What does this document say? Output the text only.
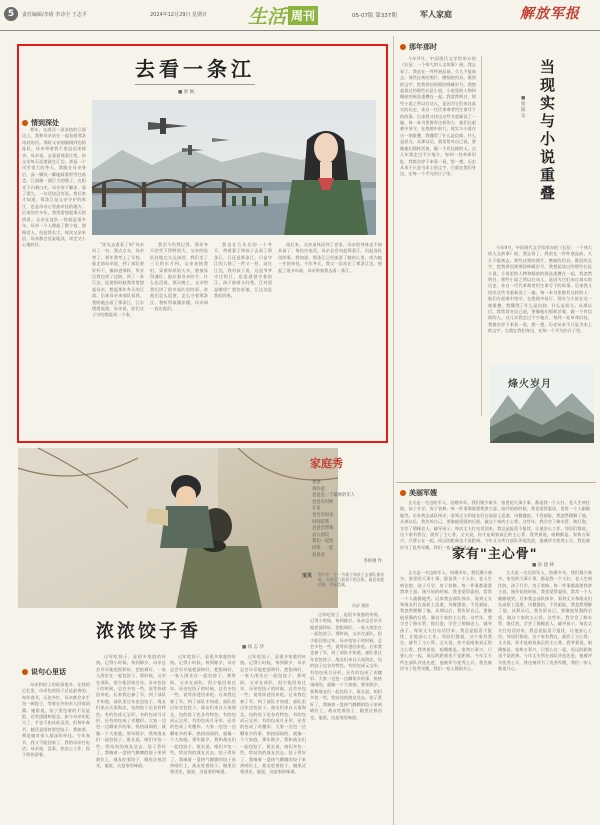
5	责任编辑/李倩 李诗宇 王志平	2024年12月29日 星期日 生活 周刊	05-07版 第337期	军人家庭	解放军报
情到深处
去看一条江
■ 梁 枫

那年，在漠河一条冻结的江面边上，我和母亲站在一起看着那条冰封的河。那时父亲刚刚调到边防连队，母亲带着我千里迢迢来探亲。母亲说，去看看那条江吧，你父亲每天巡逻就在江边。那是一个风雪很大的冬天，我跟在母亲身后，深一脚浅一脚地踩着积雪往前走。江面像一面巨大的镜子，在阳光下闪着白光。母亲停下脚步，看了很久，一句话也没有说。我后来才知道，那条江是父亲守护的界江，也是母亲心里最牵挂的地方。后来的许多年，我常常想起那天的情景。父亲在连队一待就是很多年，母亲一个人撑起了整个家，照顾老人，拉扯我长大。每次父亲来信，母亲都会反复地读，读完又小心地收好。	"你先去看看了吗"母亲问了一句，我点点头，母亲笑了。那年我考上了军校，临走前母亲说，到了部队要好好干，像你爸那样。毕业后我也到了边防，到了一条江边，巡逻的时候我常常想起母亲，想起那年冬天的江面。后来母亲来部队看我，我陪她去看了那条江，江水缓缓流淌，母亲说，你们父子守的都是同一个家。

我至今仍然记得，那年冬天的雪下得特别大，父亲的连队驻地在大山深处，我们坐了三天的车才到。父亲来接我们，穿着厚厚的大衣，脸被冻得通红。他拉着母亲的手，什么也没说。那天晚上，父亲给我们讲了很多连队里的事，讲他们怎么巡逻，怎么守着那条江。我听得似懂非懂，母亲却一直在流泪。

我也在几年后的一个冬天，带着妻子和孩子去看了那条江。江还是那条江，只是守江的人换了一茬又一茬。站在江边，我对孩子说，这是爷爷守过的江，也是爸爸守着的江。孩子仰着头问我，江对面是哪里？我告诉他，江这边是我们的家。

再后来，父亲退休回到了老家，母亲的身体也不如从前了。每次打电话，母亲总会问起那条江，问起连队里的事。我知道，那条江已经流进了她的心里，成为她一生的牵挂。今年冬天，我又一次站在了那条江边，想起了很多年前，母亲带着我去看一条江。

那年那时

今年9月，中国现代文学馆举办的《长征：一个伟大的人文故事》展，我去看了。我站在一件件展品前，久久不能离去。那些泛黄的照片、磨损的用具、斑驳的文字，把我带回到那段峥嵘岁月。我想起读过的那些长征小说，小说里的人物和眼前的展品重叠在一起。我忽然明白，那些小说之所以打动人，是因为它们来自真实的历史，来自一代代革命者用生命写下的故事。后来我又找出这些书重新读了一遍，每一本书里都有这样的人：他们在艰难中坚守，在绝境中前行。现实与小说在这一刻重叠，我懂得了什么是信仰，什么是担当。从那以后，我常常对自己说，要像他们那样活着，做一个有信仰的人。这几年我走过不少地方，每到一处革命旧址，我都会停下来看一看，想一想。历史从来不只是书本上的文字，它就在我们身边，在每一个平凡的日子里。

当现实与小说重叠
■ 张 阳 乐

今年9月，中国现代文学馆举办的《长征：一个伟大的人文故事》展，我去看了。我站在一件件展品前，久久不能离去。那些泛黄的照片、磨损的用具、斑驳的文字，把我带回到那段峥嵘岁月。我想起读过的那些长征小说，小说里的人物和眼前的展品重叠在一起。我忽然明白，那些小说之所以打动人，是因为它们来自真实的历史，来自一代代革命者用生命写下的故事。后来我又找出这些书重新读了一遍，每一本书里都有这样的人：他们在艰难中坚守，在绝境中前行。现实与小说在这一刻重叠，我懂得了什么是信仰，什么是担当。从那以后，我常常对自己说，要像他们那样活着，做一个有信仰的人。这几年我走过不少地方，每到一处革命旧址，我都会停下来看一看，想一想。历史从来不只是书本上的文字，它就在我们身边，在每一个平凡的日子里。

烽火岁月
家庭秀
爸爸
我的爸
爸爸是一个最帅的军人
爸爸有时候
在家
也会有很多
时间陪我
爸爸会带我
去公园玩
我们一起放
风筝、一起
看星星
李梓涵 作
宝贝 照片中，左一为妻子和孩子去部队探亲时，在营区门前拍下的合影，寓意家庭团聚、幸福美满。
周舒 摄影
浓浓饺子香
■ 徐 志 华

过年吃饺子，是很多家庭的传统。记得小时候，每到除夕，母亲总会早早地把面和好，把馅调好，一家人围坐在一起包饺子。那时候，父亲在部队，很少能回家过年。母亲包饺子的时候，总会多包一些，说等你爸回来吃。后来我也参了军，到了部队才知道，部队里过年也包饺子。战友们来自天南海北，包的饺子也各有特色。有的包成元宝形，有的包成月牙形，还有的包成了麦穗形。大家一边包一边聊家乡的事，热热闹闹的，就像一个大家庭。那年除夕，我和战友们一起包饺子，班长说，咱们多包一些，给站岗的战友送去。饺子煮好了，我端着一盘热气腾腾的饺子来到哨位上，战友吃着饺子，眼里泛着泪光，他说，这是家的味道。

过年吃饺子，是很多家庭的传统。记得小时候，每到除夕，母亲总会早早地把面和好，把馅调好，一家人围坐在一起包饺子。那时候，父亲在部队，很少能回家过年。母亲包饺子的时候，总会多包一些，说等你爸回来吃。后来我也参了军，到了部队才知道，部队里过年也包饺子。战友们来自天南海北，包的饺子也各有特色。有的包成元宝形，有的包成月牙形，还有的包成了麦穗形。大家一边包一边聊家乡的事，热热闹闹的，就像一个大家庭。那年除夕，我和战友们一起包饺子，班长说，咱们多包一些，给站岗的战友送去。饺子煮好了，我端着一盘热气腾腾的饺子来到哨位上，战友吃着饺子，眼里泛着泪光，他说，这是家的味道。

过年吃饺子，是很多家庭的传统。记得小时候，每到除夕，母亲总会早早地把面和好，把馅调好，一家人围坐在一起包饺子。那时候，父亲在部队，很少能回家过年。母亲包饺子的时候，总会多包一些，说等你爸回来吃。后来我也参了军，到了部队才知道，部队里过年也包饺子。战友们来自天南海北，包的饺子也各有特色。有的包成元宝形，有的包成月牙形，还有的包成了麦穗形。大家一边包一边聊家乡的事，热热闹闹的，就像一个大家庭。那年除夕，我和战友们一起包饺子，班长说，咱们多包一些，给站岗的战友送去。饺子煮好了，我端着一盘热气腾腾的饺子来到哨位上，战友吃着饺子，眼里泛着泪光，他说，这是家的味道。

过年吃饺子，是很多家庭的传统。记得小时候，每到除夕，母亲总会早早地把面和好，把馅调好，一家人围坐在一起包饺子。那时候，父亲在部队，很少能回家过年。母亲包饺子的时候，总会多包一些，说等你爸回来吃。后来我也参了军，到了部队才知道，部队里过年也包饺子。战友们来自天南海北，包的饺子也各有特色。有的包成元宝形，有的包成月牙形，还有的包成了麦穗形。大家一边包一边聊家乡的事，热热闹闹的，就像一个大家庭。那年除夕，我和战友们一起包饺子，班长说，咱们多包一些，给站岗的战友送去。饺子煮好了，我端着一盘热气腾腾的饺子来到哨位上，战友吃着饺子，眼里泛着泪光，他说，这是家的味道。

说句心里话

母亲和饺子的故事很多。在我的记忆里，母亲包的饺子总是最香的。每年春节，无论多忙，母亲都会亲手包一顿饺子，等着在外的亲人回家团圆。她常说，饺子里包着的不仅是馅，还有团圆和思念。如今母亲年纪大了，手也不如从前灵活，但每年春节，她还是坚持要包饺子。我知道，那是她对家人最深的牵挂。今年春节，我又不能回家了，我给母亲打电话，母亲说，没事，你安心工作，饺子给你留着。

美丽军嫂

丈夫是一名边防军人，结婚多年，我们聚少离多。家里的大事小事，都是我一个人扛。老人生病住院，孩子升学，房子装修，每一件事都需要我拿主意。刚开始的时候，我也觉得委屈，常常一个人偷偷地哭。后来我去部队探亲，看到丈夫和战友们在高原上巡逻，风餐露宿，不畏艰险，我忽然理解了他。从那以后，我告诉自己，要做他坚强的后盾，做这个家的主心骨。这些年，我学会了修水管、换灯泡，学会了照顾老人、辅导孩子。每次丈夫打电话回来，我总是报喜不报忧，让他安心工作。邻居们都说，这个家有我在，就有了主心骨。丈夫说，你才是咱家真正的主心骨。我笑着说，咱俩都是。家和万事兴，只要心在一起，再远的距离也不是距离。今年丈夫所在部队评选先进，他被评为优秀士兵，我也被评为了优秀军嫂，我们一家人都很开心。

家有"主心骨"
■ 孙 建 林

丈夫是一名边防军人，结婚多年，我们聚少离多。家里的大事小事，都是我一个人扛。老人生病住院，孩子升学，房子装修，每一件事都需要我拿主意。刚开始的时候，我也觉得委屈，常常一个人偷偷地哭。后来我去部队探亲，看到丈夫和战友们在高原上巡逻，风餐露宿，不畏艰险，我忽然理解了他。从那以后，我告诉自己，要做他坚强的后盾，做这个家的主心骨。这些年，我学会了修水管、换灯泡，学会了照顾老人、辅导孩子。每次丈夫打电话回来，我总是报喜不报忧，让他安心工作。邻居们都说，这个家有我在，就有了主心骨。丈夫说，你才是咱家真正的主心骨。我笑着说，咱俩都是。家和万事兴，只要心在一起，再远的距离也不是距离。今年丈夫所在部队评选先进，他被评为优秀士兵，我也被评为了优秀军嫂，我们一家人都很开心。

丈夫是一名边防军人，结婚多年，我们聚少离多。家里的大事小事，都是我一个人扛。老人生病住院，孩子升学，房子装修，每一件事都需要我拿主意。刚开始的时候，我也觉得委屈，常常一个人偷偷地哭。后来我去部队探亲，看到丈夫和战友们在高原上巡逻，风餐露宿，不畏艰险，我忽然理解了他。从那以后，我告诉自己，要做他坚强的后盾，做这个家的主心骨。这些年，我学会了修水管、换灯泡，学会了照顾老人、辅导孩子。每次丈夫打电话回来，我总是报喜不报忧，让他安心工作。邻居们都说，这个家有我在，就有了主心骨。丈夫说，你才是咱家真正的主心骨。我笑着说，咱俩都是。家和万事兴，只要心在一起，再远的距离也不是距离。今年丈夫所在部队评选先进，他被评为优秀士兵，我也被评为了优秀军嫂，我们一家人都很开心。
